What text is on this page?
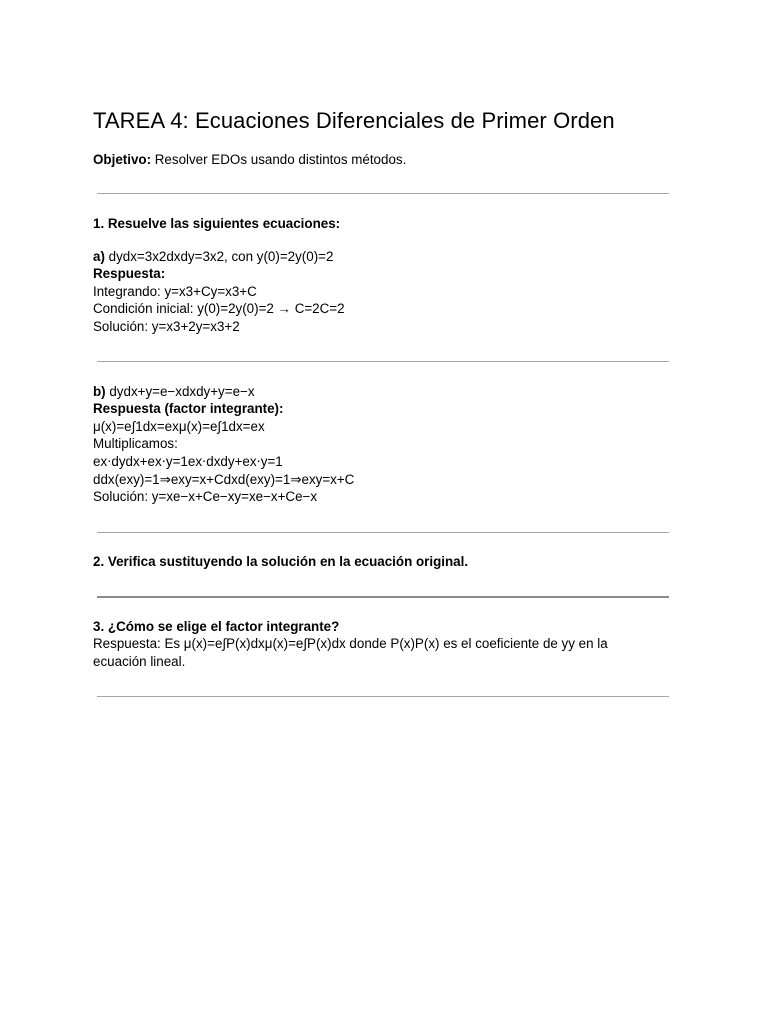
TAREA 4: Ecuaciones Diferenciales de Primer Orden

Objetivo: Resolver EDOs usando distintos métodos.

1. Resuelve las siguientes ecuaciones:

a) dydx=3x2dxdy=3x2, con y(0)=2y(0)=2

Respuesta:

Integrando: y=x3+Cy=x3+C

Condición inicial: y(0)=2y(0)=2 → C=2C=2

Solución: y=x3+2y=x3+2

b) dydx+y=e−xdxdy+y=e−x

Respuesta (factor integrante):

μ(x)=e∫1dx=exμ(x)=e∫1dx=ex

Multiplicamos:

ex⋅dydx+ex⋅y=1ex⋅dxdy+ex⋅y=1

ddx(exy)=1⇒exy=x+Cdxd(exy)=1⇒exy=x+C

Solución: y=xe−x+Ce−xy=xe−x+Ce−x

2. Verifica sustituyendo la solución en la ecuación original.

3. ¿Cómo se elige el factor integrante?

Respuesta: Es μ(x)=e∫P(x)dxμ(x)=e∫P(x)dx donde P(x)P(x) es el coeficiente de yy en la

ecuación lineal.
